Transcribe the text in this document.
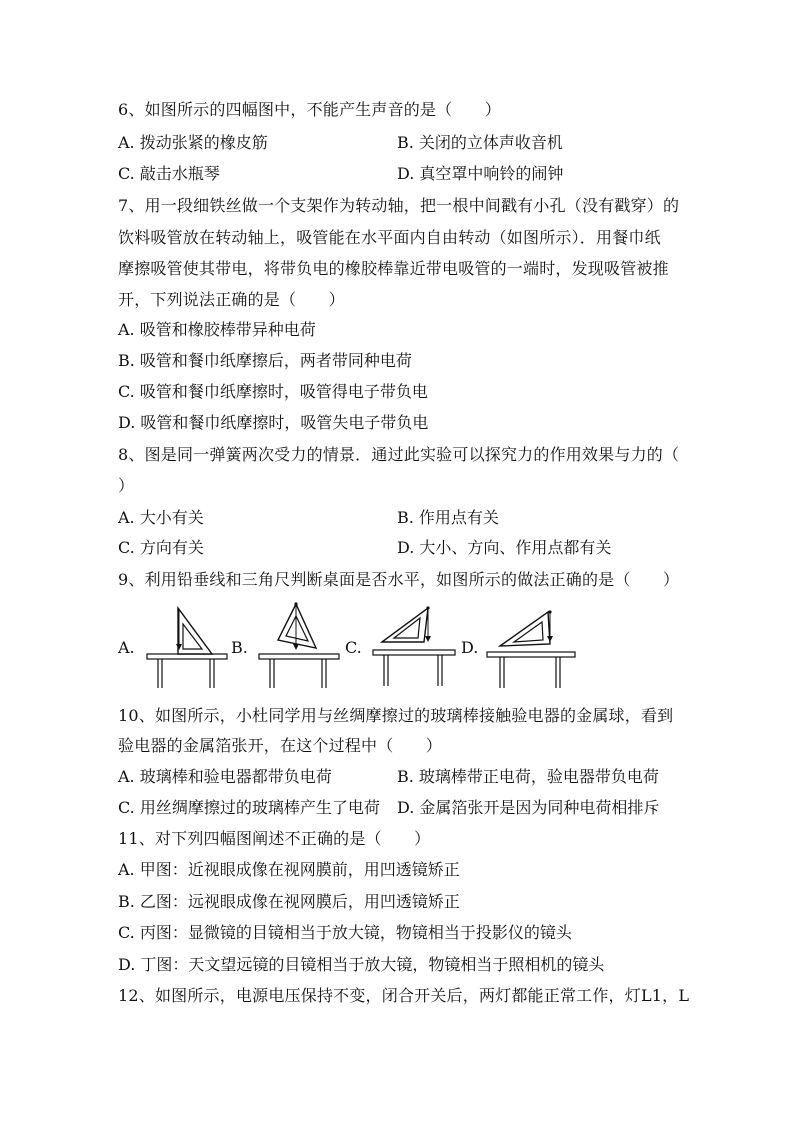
6、如图所示的四幅图中，不能产生声音的是（　　）
A. 拨动张紧的橡皮筋	B. 关闭的立体声收音机
C. 敲击水瓶琴	D. 真空罩中响铃的闹钟
7、用一段细铁丝做一个支架作为转动轴，把一根中间戳有小孔（没有戳穿）的
饮料吸管放在转动轴上，吸管能在水平面内自由转动（如图所示）．用餐巾纸
摩擦吸管使其带电，将带负电的橡胶棒靠近带电吸管的一端时，发现吸管被推
开，下列说法正确的是（　　）
A. 吸管和橡胶棒带异种电荷
B. 吸管和餐巾纸摩擦后，两者带同种电荷
C. 吸管和餐巾纸摩擦时，吸管得电子带负电
D. 吸管和餐巾纸摩擦时，吸管失电子带负电
8、图是同一弹簧两次受力的情景．通过此实验可以探究力的作用效果与力的（
）
A. 大小有关	B. 作用点有关
C. 方向有关	D. 大小、方向、作用点都有关
9、利用铅垂线和三角尺判断桌面是否水平，如图所示的做法正确的是（　　）
A.	B.	C.	D.
10、如图所示，小杜同学用与丝绸摩擦过的玻璃棒接触验电器的金属球，看到
验电器的金属箔张开，在这个过程中（　　）
A. 玻璃棒和验电器都带负电荷	B. 玻璃棒带正电荷，验电器带负电荷
C. 用丝绸摩擦过的玻璃棒产生了电荷 D. 金属箔张开是因为同种电荷相排斥
11、对下列四幅图阐述不正确的是（　　）
A. 甲图：近视眼成像在视网膜前，用凹透镜矫正
B. 乙图：远视眼成像在视网膜后，用凹透镜矫正
C. 丙图：显微镜的目镜相当于放大镜，物镜相当于投影仪的镜头
D. 丁图：天文望远镜的目镜相当于放大镜，物镜相当于照相机的镜头
12、如图所示，电源电压保持不变，闭合开关后，两灯都能正常工作，灯L1，L
